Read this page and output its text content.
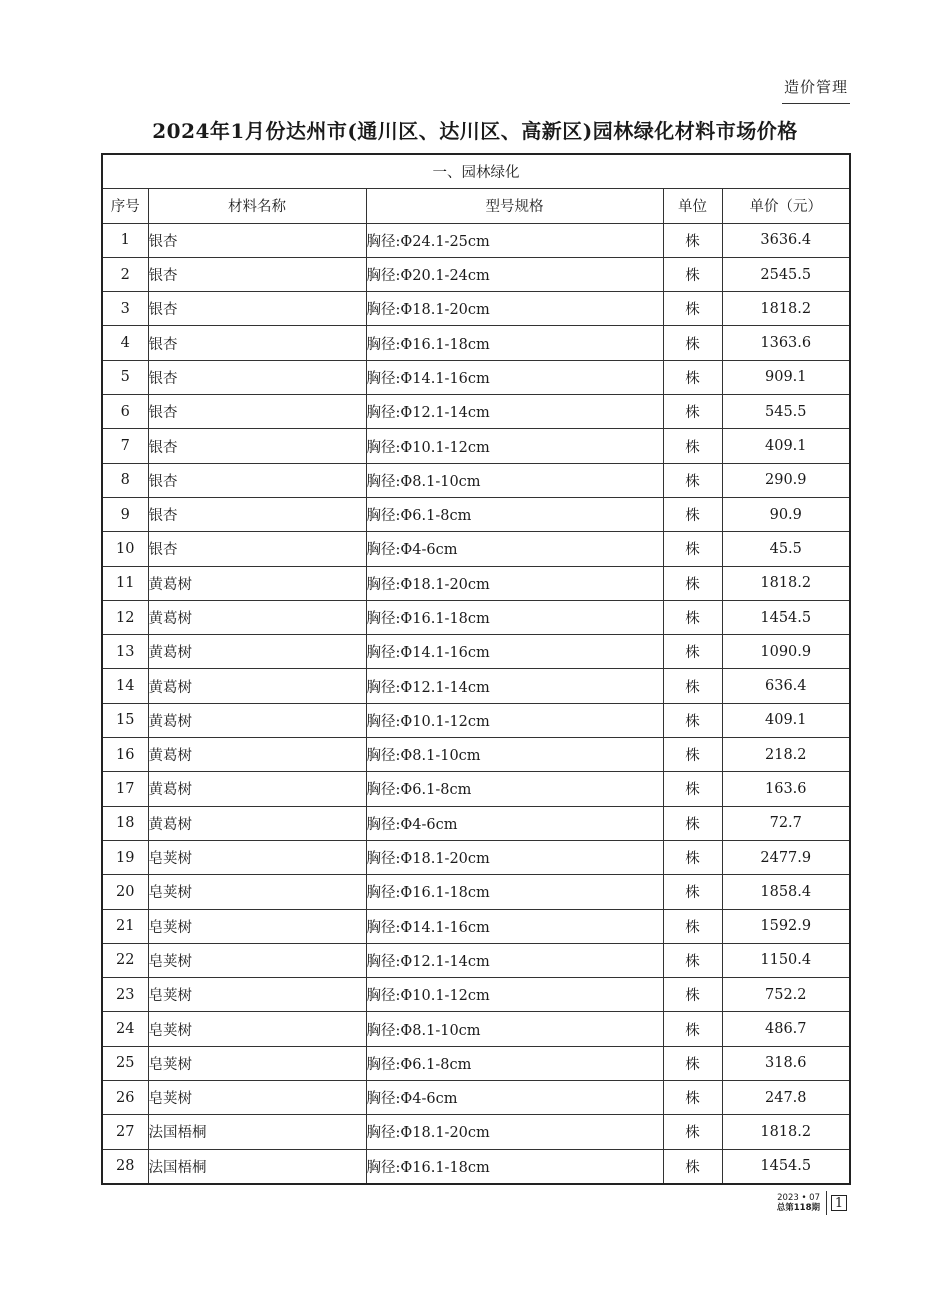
造价管理
2024年1月份达州市(通川区、达川区、高新区)园林绿化材料市场价格
一、园林绿化				
序号	材料名称	型号规格	单位	单价（元）
1	银杏	胸径:Φ24.1-25cm	株	3636.4
2	银杏	胸径:Φ20.1-24cm	株	2545.5
3	银杏	胸径:Φ18.1-20cm	株	1818.2
4	银杏	胸径:Φ16.1-18cm	株	1363.6
5	银杏	胸径:Φ14.1-16cm	株	909.1
6	银杏	胸径:Φ12.1-14cm	株	545.5
7	银杏	胸径:Φ10.1-12cm	株	409.1
8	银杏	胸径:Φ8.1-10cm	株	290.9
9	银杏	胸径:Φ6.1-8cm	株	90.9
10	银杏	胸径:Φ4-6cm	株	45.5
11	黄葛树	胸径:Φ18.1-20cm	株	1818.2
12	黄葛树	胸径:Φ16.1-18cm	株	1454.5
13	黄葛树	胸径:Φ14.1-16cm	株	1090.9
14	黄葛树	胸径:Φ12.1-14cm	株	636.4
15	黄葛树	胸径:Φ10.1-12cm	株	409.1
16	黄葛树	胸径:Φ8.1-10cm	株	218.2
17	黄葛树	胸径:Φ6.1-8cm	株	163.6
18	黄葛树	胸径:Φ4-6cm	株	72.7
19	皂荚树	胸径:Φ18.1-20cm	株	2477.9
20	皂荚树	胸径:Φ16.1-18cm	株	1858.4
21	皂荚树	胸径:Φ14.1-16cm	株	1592.9
22	皂荚树	胸径:Φ12.1-14cm	株	1150.4
23	皂荚树	胸径:Φ10.1-12cm	株	752.2
24	皂荚树	胸径:Φ8.1-10cm	株	486.7
25	皂荚树	胸径:Φ6.1-8cm	株	318.6
26	皂荚树	胸径:Φ4-6cm	株	247.8
27	法国梧桐	胸径:Φ18.1-20cm	株	1818.2
28	法国梧桐	胸径:Φ16.1-18cm	株	1454.5
2023 • 07
总第118期 1
